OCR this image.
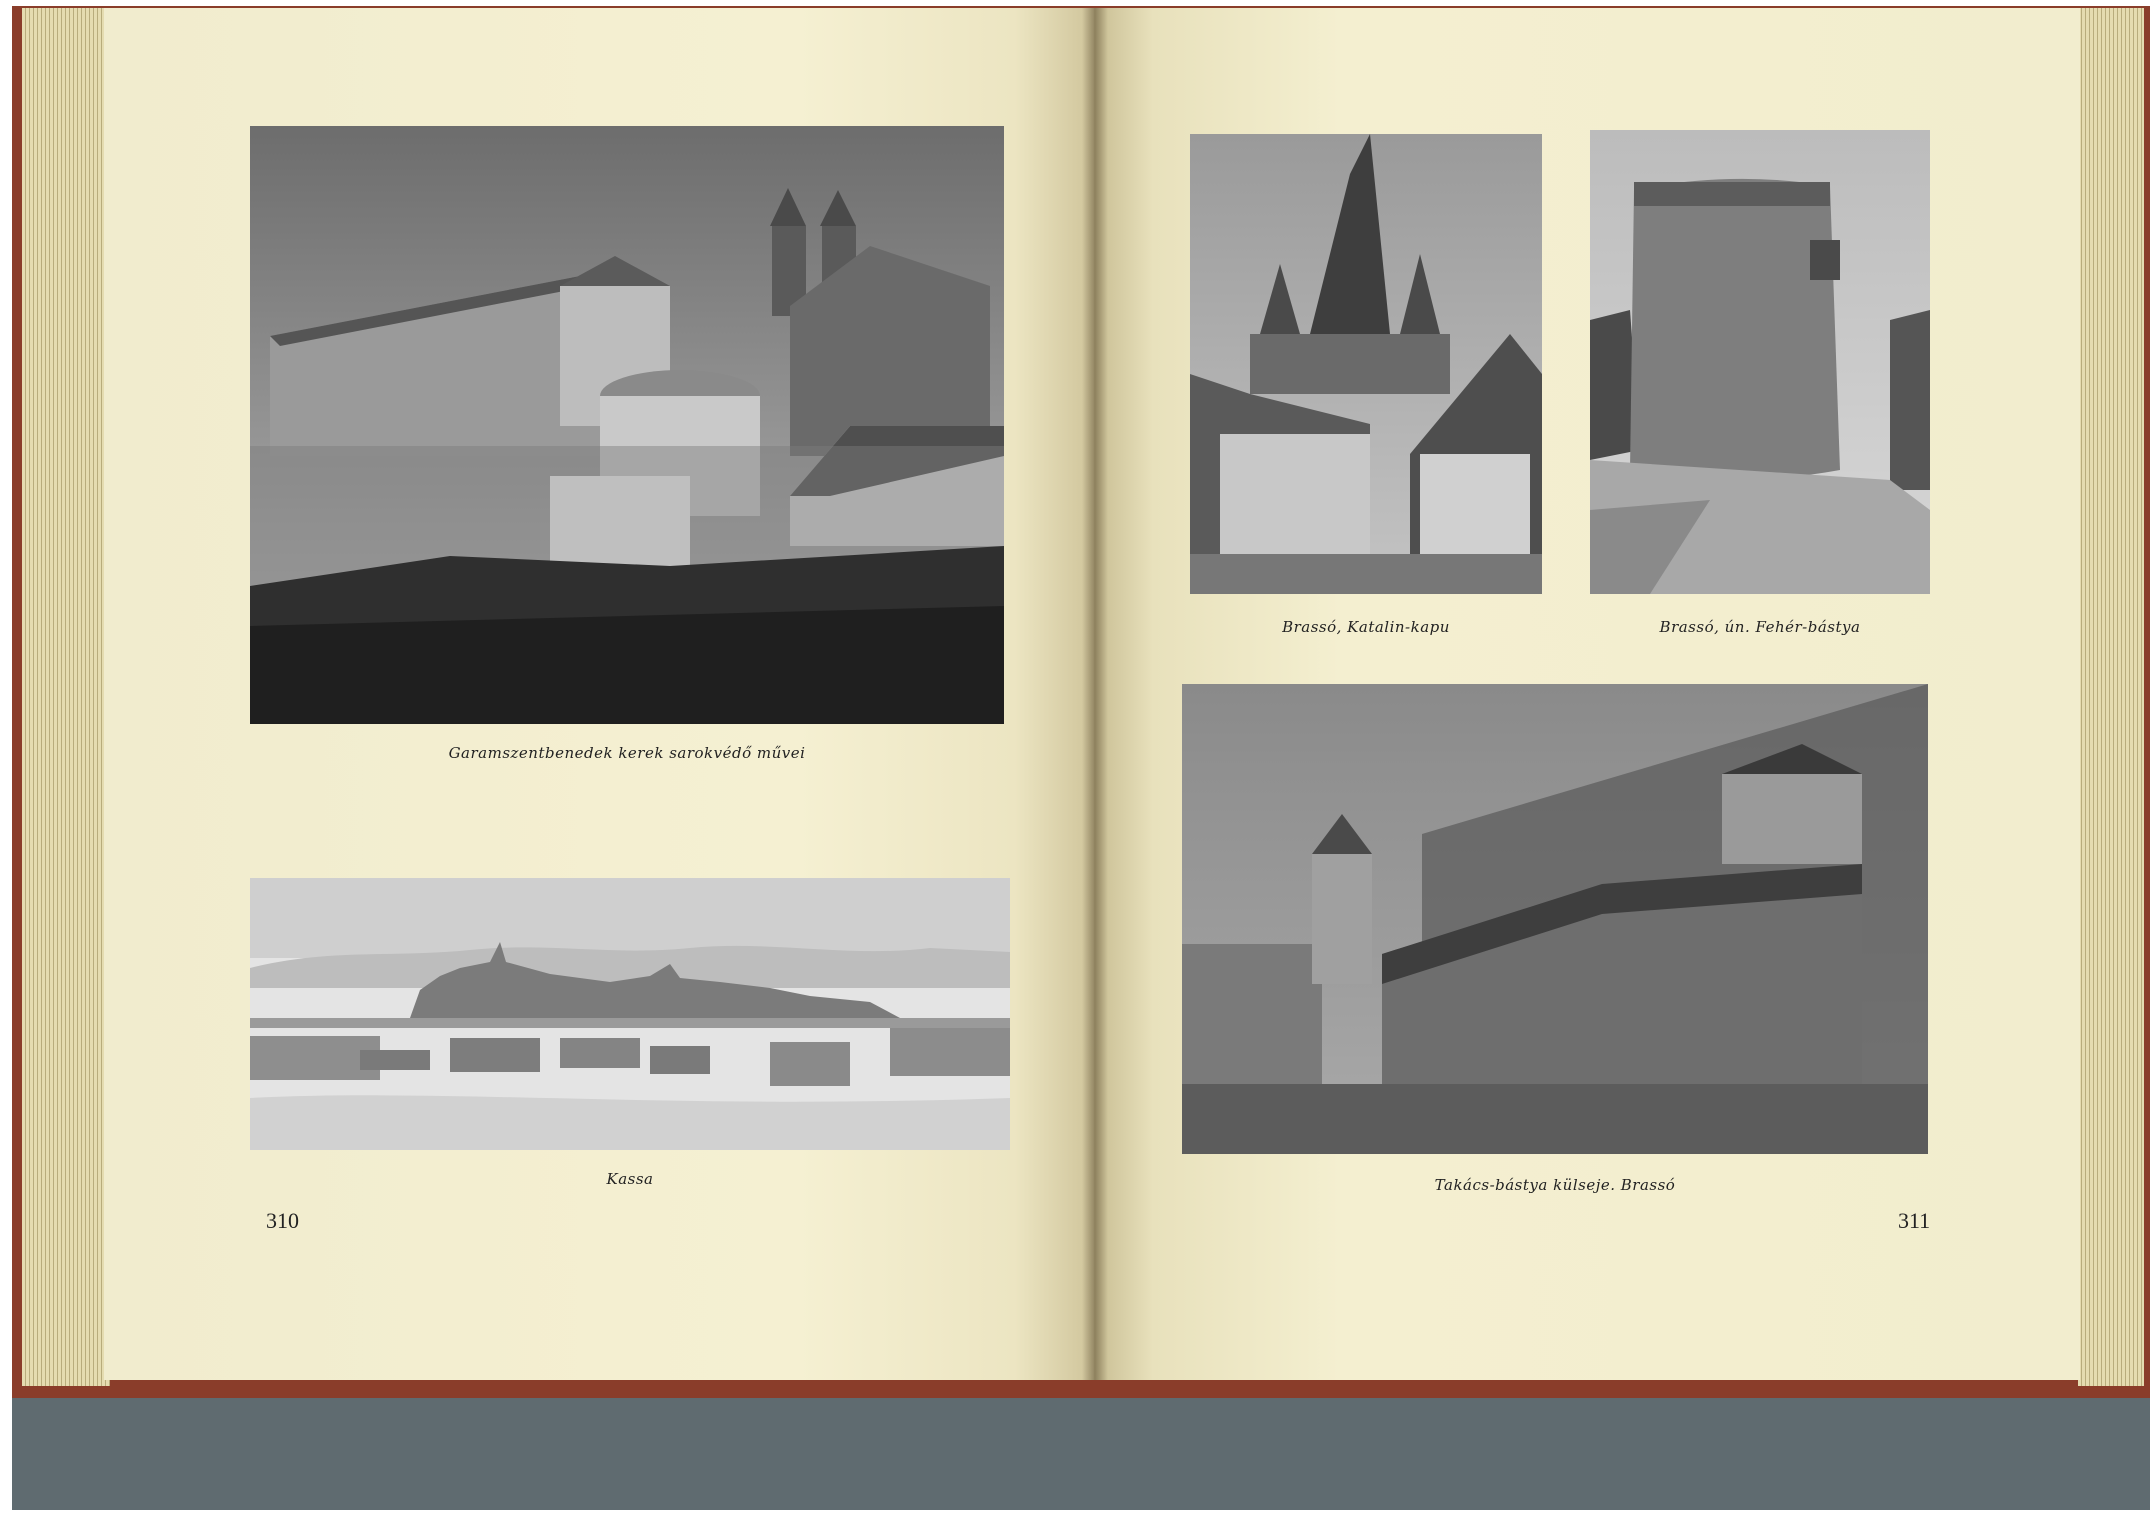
Garamszentbenedek kerek sarokvédő művei
Kassa
310
Brassó, Katalin-kapu	Brassó, ún. Fehér-bástya
Takács-bástya külseje. Brassó
311
